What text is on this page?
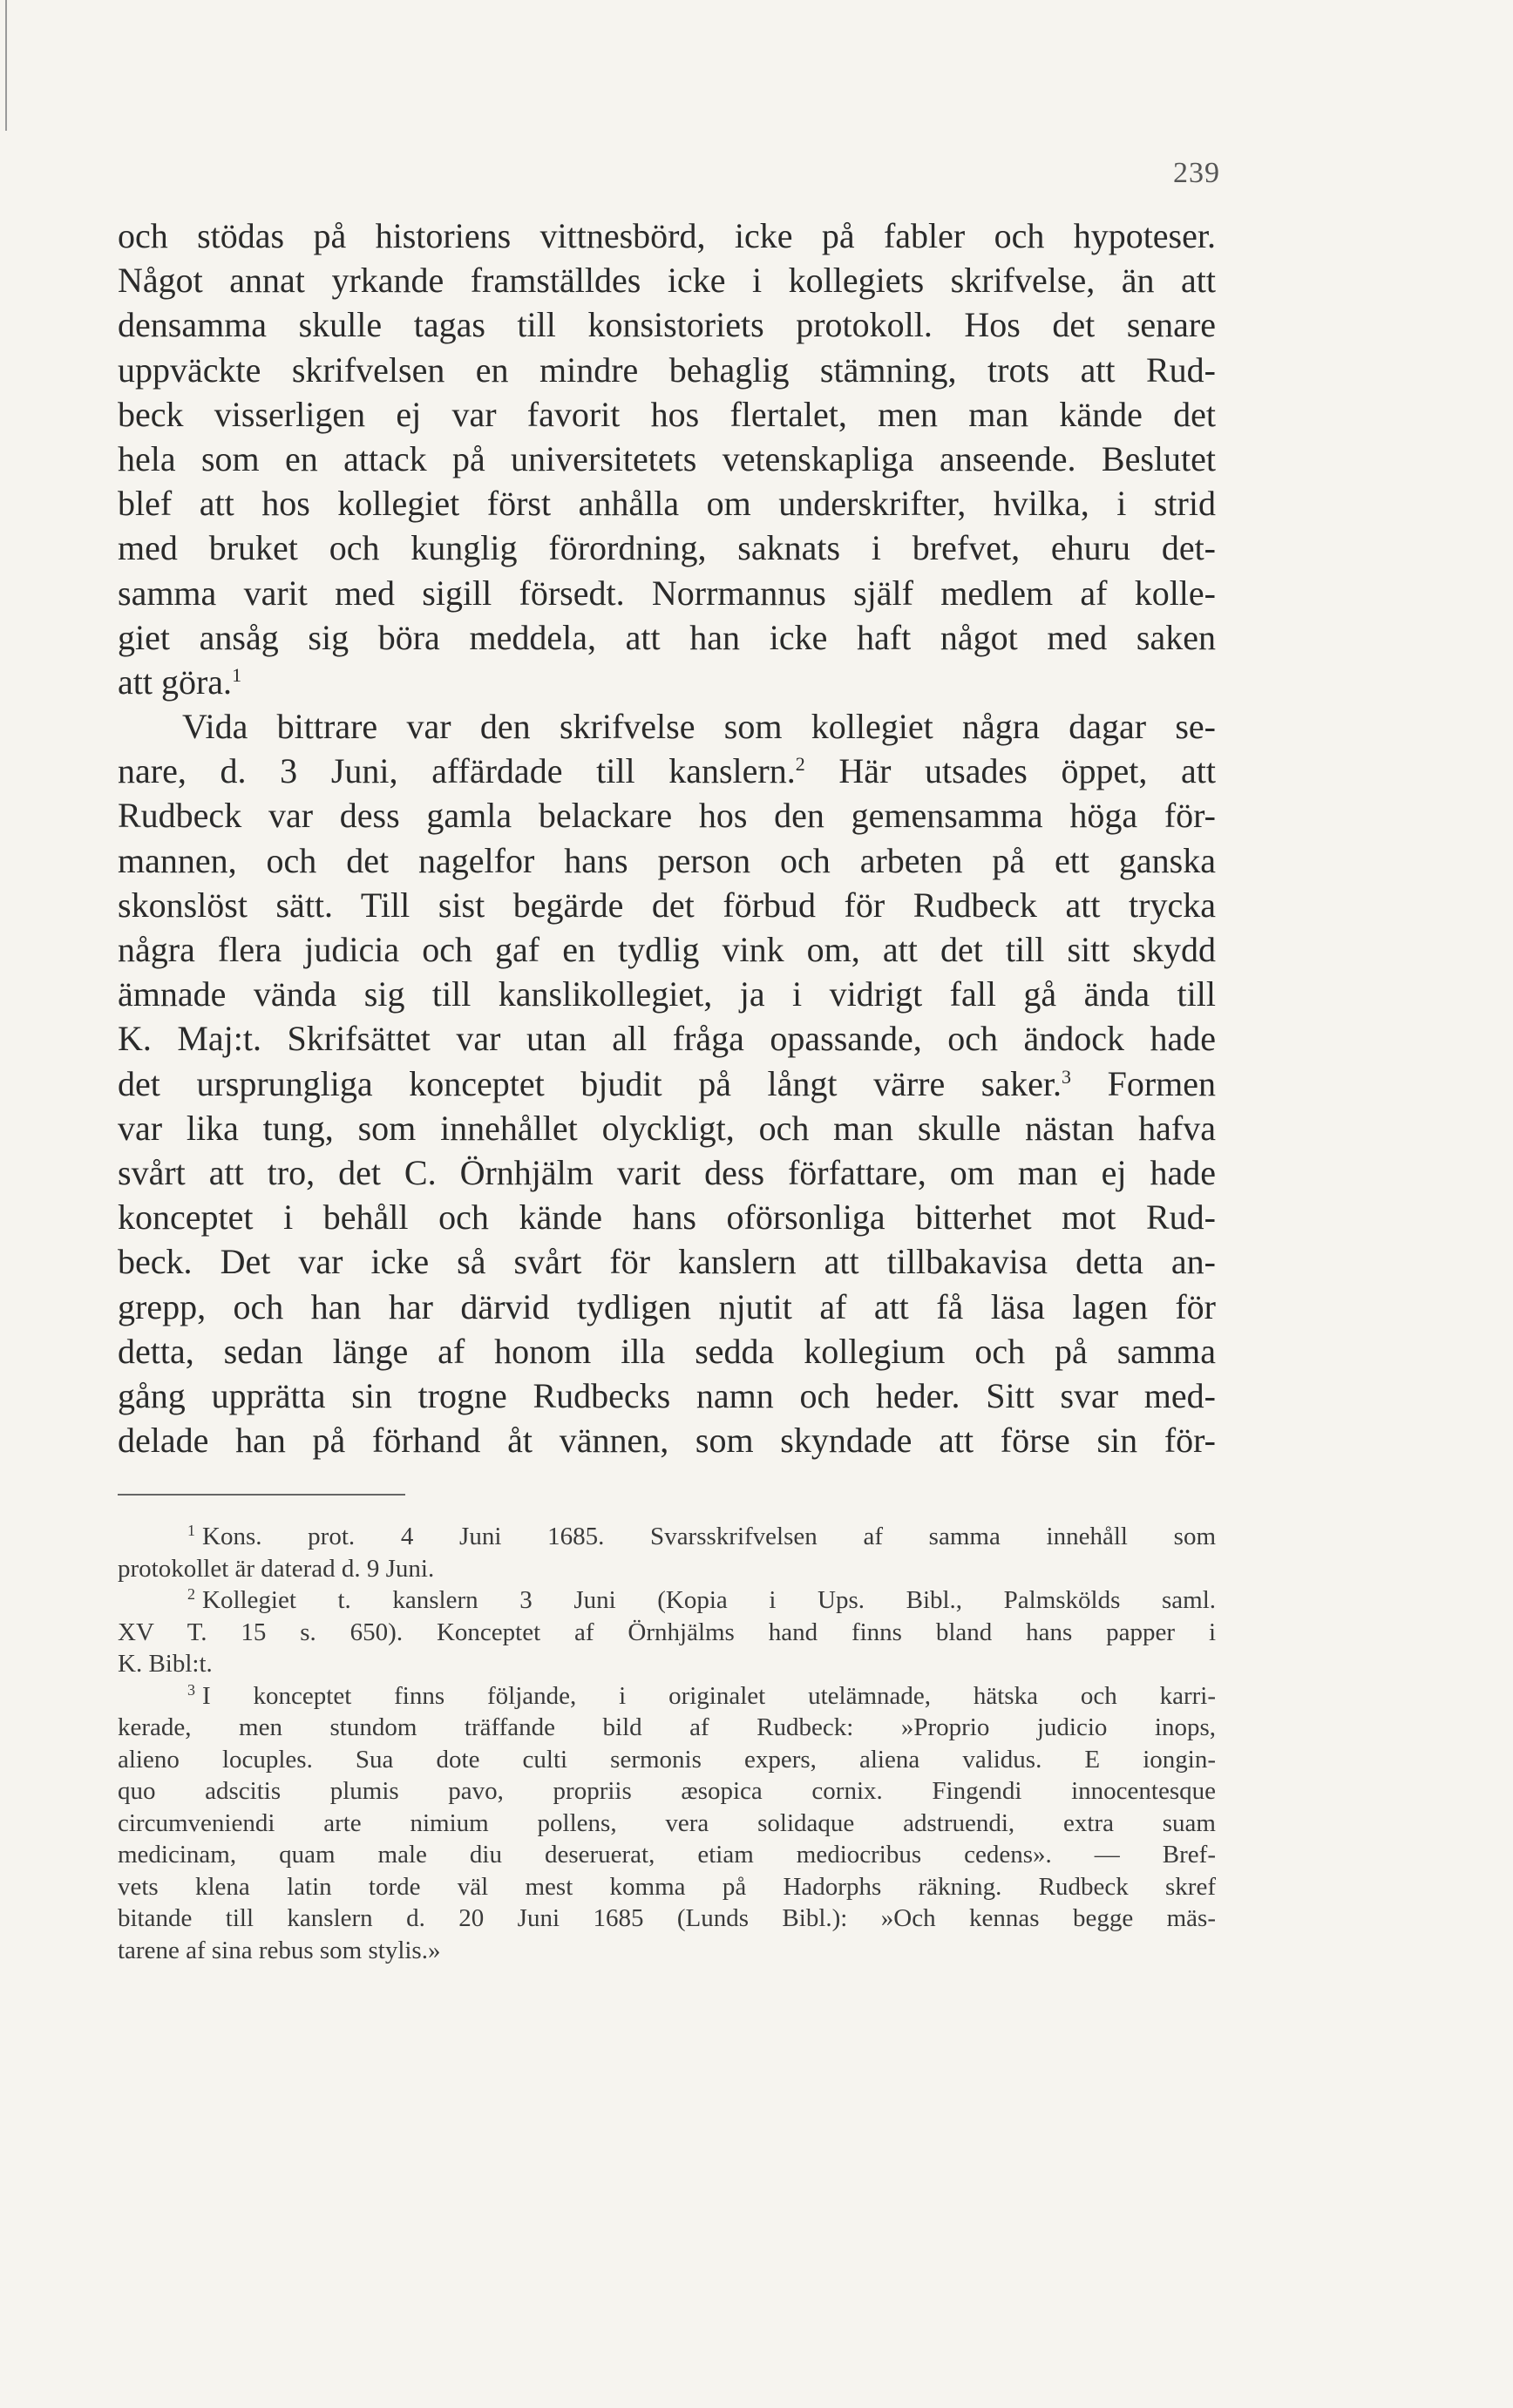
239
och stödas på historiens vittnesbörd, icke på fabler och hypoteser.
Något annat yrkande framställdes icke i kollegiets skrifvelse, än att
densamma skulle tagas till konsistoriets protokoll. Hos det senare
uppväckte skrifvelsen en mindre behaglig stämning, trots att Rud-
beck visserligen ej var favorit hos flertalet, men man kände det
hela som en attack på universitetets vetenskapliga anseende. Beslutet
blef att hos kollegiet först anhålla om underskrifter, hvilka, i strid
med bruket och kunglig förordning, saknats i brefvet, ehuru det-
samma varit med sigill försedt. Norrmannus själf medlem af kolle-
giet ansåg sig böra meddela, att han icke haft något med saken
att göra.$^1$
Vida bittrare var den skrifvelse som kollegiet några dagar se-
nare, d. 3 Juni, affärdade till kanslern.$^2$ Här utsades öppet, att
Rudbeck var dess gamla belackare hos den gemensamma höga för-
mannen, och det nagelfor hans person och arbeten på ett ganska
skonslöst sätt. Till sist begärde det förbud för Rudbeck att trycka
några flera judicia och gaf en tydlig vink om, att det till sitt skydd
ämnade vända sig till kanslikollegiet, ja i vidrigt fall gå ända till
K. Maj:t. Skrifsättet var utan all fråga opassande, och ändock hade
det ursprungliga konceptet bjudit på långt värre saker.$^3$ Formen
var lika tung, som innehållet olyckligt, och man skulle nästan hafva
svårt att tro, det C. Örnhjälm varit dess författare, om man ej hade
konceptet i behåll och kände hans oförsonliga bitterhet mot Rud-
beck. Det var icke så svårt för kanslern att tillbakavisa detta an-
grepp, och han har därvid tydligen njutit af att få läsa lagen för
detta, sedan länge af honom illa sedda kollegium och på samma
gång upprätta sin trogne Rudbecks namn och heder. Sitt svar med-
delade han på förhand åt vännen, som skyndade att förse sin för-
$^1$ Kons. prot. 4 Juni 1685. Svarsskrifvelsen af samma innehåll som
protokollet är daterad d. 9 Juni.
$^2$ Kollegiet t. kanslern 3 Juni (Kopia i Ups. Bibl., Palmskölds saml.
XV T. 15 s. 650). Konceptet af Örnhjälms hand finns bland hans papper i
K. Bibl:t.
$^3$ I konceptet finns följande, i originalet utelämnade, hätska och karri-
kerade, men stundom träffande bild af Rudbeck: »Proprio judicio inops,
alieno locuples. Sua dote culti sermonis expers, aliena validus. E iongin-
quo adscitis plumis pavo, propriis æsopica cornix. Fingendi innocentesque
circumveniendi arte nimium pollens, vera solidaque adstruendi, extra suam
medicinam, quam male diu deseruerat, etiam mediocribus cedens». — Bref-
vets klena latin torde väl mest komma på Hadorphs räkning. Rudbeck skref
bitande till kanslern d. 20 Juni 1685 (Lunds Bibl.): »Och kennas begge mäs-
tarene af sina rebus som stylis.»
